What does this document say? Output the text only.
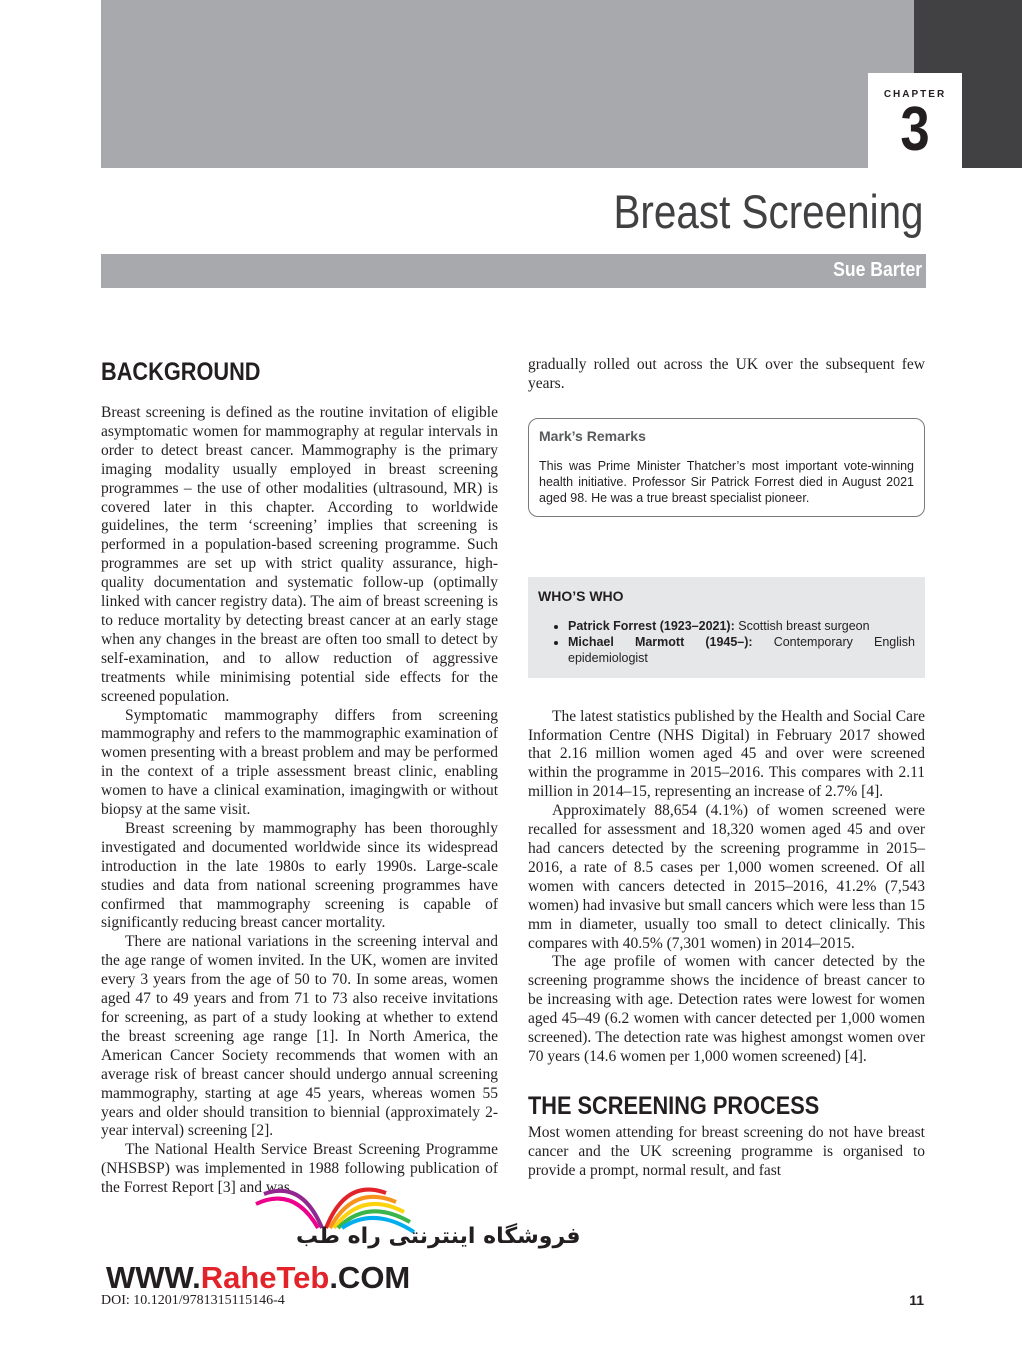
CHAPTER
3
Breast Screening
Sue Barter
BACKGROUND

Breast screening is defined as the routine invitation of eligible asymptomatic women for mammography at regular intervals in order to detect breast cancer. Mammography is the primary imaging modality usually employed in breast screening programmes – the use of other modalities (ultrasound, MR) is covered later in this chapter. According to worldwide guidelines, the term ‘screening’ implies that screening is performed in a population-based screening programme. Such programmes are set up with strict quality assurance, high-quality documentation and systematic follow-up (optimally linked with cancer registry data). The aim of breast screening is to reduce mortality by detecting breast cancer at an early stage when any changes in the breast are often too small to detect by self-examination, and to allow reduction of aggressive treatments while minimising potential side effects for the screened population.

Symptomatic mammography differs from screening mammography and refers to the mammographic examination of women presenting with a breast problem and may be performed in the context of a triple assessment breast clinic, enabling women to have a clinical examination, imagingwith or without biopsy at the same visit.

Breast screening by mammography has been thoroughly investigated and documented worldwide since its widespread introduction in the late 1980s to early 1990s. Large-scale studies and data from national screening programmes have confirmed that mammography screening is capable of significantly reducing breast cancer mortality.

There are national variations in the screening interval and the age range of women invited. In the UK, women are invited every 3 years from the age of 50 to 70. In some areas, women aged 47 to 49 years and from 71 to 73 also receive invitations for screening, as part of a study looking at whether to extend the breast screening age range [1]. In North America, the American Cancer Society recommends that women with an average risk of breast cancer should undergo annual screening mammography, starting at age 45 years, whereas women 55 years and older should transition to biennial (approximately 2-year interval) screening [2].

The National Health Service Breast Screening Programme (NHSBSP) was implemented in 1988 following publication of the Forrest Report [3] and was

gradually rolled out across the UK over the subsequent few years.

Mark’s Remarks
This was Prime Minister Thatcher’s most important vote-winning health initiative. Professor Sir Patrick Forrest died in August 2021 aged 98. He was a true breast specialist pioneer.
WHO’S WHO
• Patrick Forrest (1923–2021): Scottish breast surgeon
• Michael Marmott (1945–): Contemporary English epidemiologist

The latest statistics published by the Health and Social Care Information Centre (NHS Digital) in February 2017 showed that 2.16 million women aged 45 and over were screened within the programme in 2015–2016. This compares with 2.11 million in 2014–15, representing an increase of 2.7% [4].

Approximately 88,654 (4.1%) of women screened were recalled for assessment and 18,320 women aged 45 and over had cancers detected by the screening programme in 2015–2016, a rate of 8.5 cases per 1,000 women screened. Of all women with cancers detected in 2015–2016, 41.2% (7,543 women) had invasive but small cancers which were less than 15 mm in diameter, usually too small to detect clinically. This compares with 40.5% (7,301 women) in 2014–2015.

The age profile of women with cancer detected by the screening programme shows the incidence of breast cancer to be increasing with age. Detection rates were lowest for women aged 45–49 (6.2 women with cancer detected per 1,000 women screened). The detection rate was highest amongst women over 70 years (14.6 women per 1,000 women screened) [4].

THE SCREENING PROCESS

Most women attending for breast screening do not have breast cancer and the UK screening programme is organised to provide a prompt, normal result, and fast

DOI: 10.1201/9781315115146-4	11
فروشگاه اینترنتی راه طب
WWW.RaheTeb.COM
